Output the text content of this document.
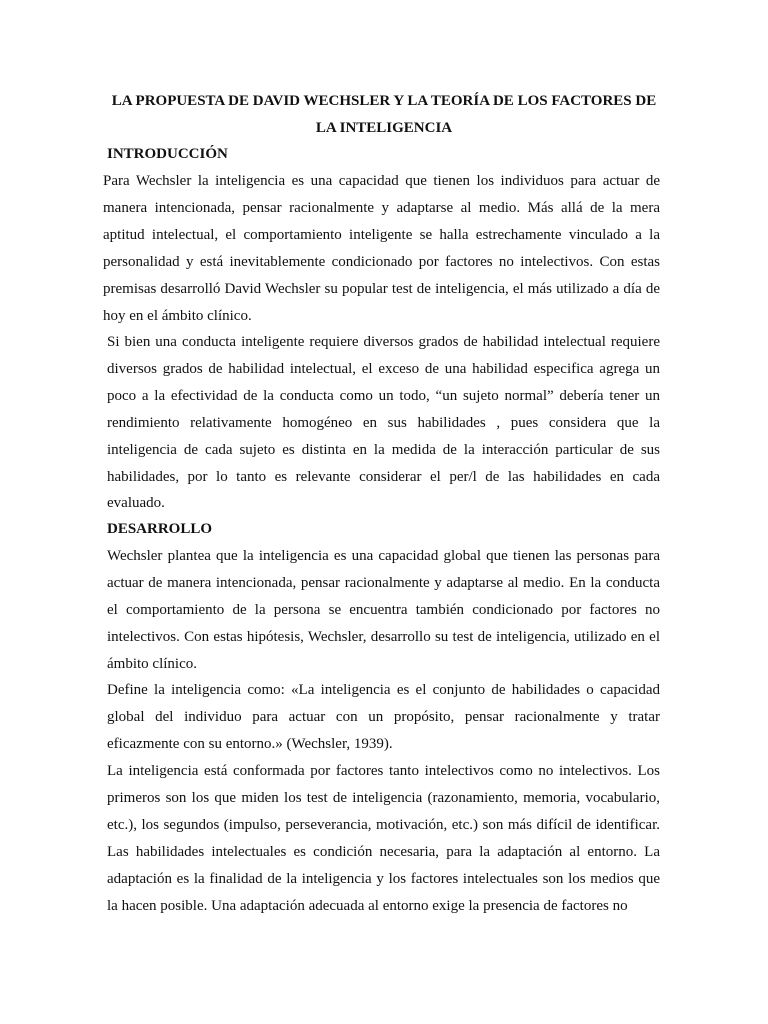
LA PROPUESTA DE DAVID WECHSLER Y LA TEORÍA DE LOS FACTORES DE LA INTELIGENCIA

INTRODUCCIÓN

Para Wechsler la inteligencia es una capacidad que tienen los individuos para actuar de manera intencionada, pensar racionalmente y adaptarse al medio. Más allá de la mera aptitud intelectual, el comportamiento inteligente se halla estrechamente vinculado a la personalidad y está inevitablemente condicionado por factores no intelectivos. Con estas premisas desarrolló David Wechsler su popular test de inteligencia, el más utilizado a día de hoy en el ámbito clínico.

Si bien una conducta inteligente requiere diversos grados de habilidad intelectual requiere diversos grados de habilidad intelectual, el exceso de una habilidad especifica agrega un poco a la efectividad de la conducta como un todo, “un sujeto normal” debería tener un rendimiento relativamente homogéneo en sus habilidades , pues considera que la inteligencia de cada sujeto es distinta en la medida de la interacción particular de sus habilidades, por lo tanto es relevante considerar el per/l de las habilidades en cada evaluado.

DESARROLLO

Wechsler plantea que la inteligencia es una capacidad global que tienen las personas para actuar de manera intencionada, pensar racionalmente y adaptarse al medio. En la conducta el comportamiento de la persona se encuentra también condicionado por factores no intelectivos. Con estas hipótesis, Wechsler, desarrollo su test de inteligencia, utilizado en el ámbito clínico.

Define la inteligencia como: «La inteligencia es el conjunto de habilidades o capacidad global del individuo para actuar con un propósito, pensar racionalmente y tratar eficazmente con su entorno.» (Wechsler, 1939).

La inteligencia está conformada por factores tanto intelectivos como no intelectivos. Los primeros son los que miden los test de inteligencia (razonamiento, memoria, vocabulario, etc.), los segundos (impulso, perseverancia, motivación, etc.) son más difícil de identificar. Las habilidades intelectuales es condición necesaria, para la adaptación al entorno. La adaptación es la finalidad de la inteligencia y los factores intelectuales son los medios que la hacen posible. Una adaptación adecuada al entorno exige la presencia de factores no
